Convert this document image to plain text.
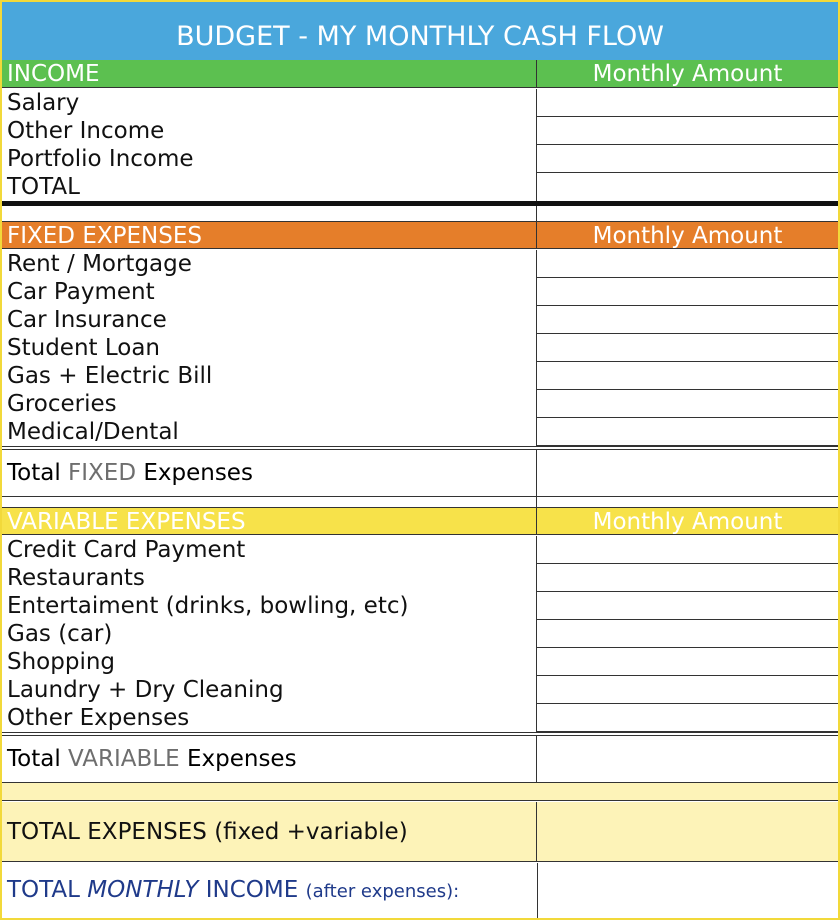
BUDGET - MY MONTHLY CASH FLOW
INCOME	Monthly Amount
Salary
Other Income
Portfolio Income
TOTAL
FIXED EXPENSES	Monthly Amount
Rent / Mortgage
Car Payment
Car Insurance
Student Loan
Gas + Electric Bill
Groceries
Medical/Dental
Total FIXED Expenses
VARIABLE EXPENSES	Monthly Amount
Credit Card Payment
Restaurants
Entertaiment (drinks, bowling, etc)
Gas (car)
Shopping
Laundry + Dry Cleaning
Other Expenses
Total VARIABLE Expenses
TOTAL EXPENSES (fixed +variable)
TOTAL MONTHLY INCOME (after expenses):
